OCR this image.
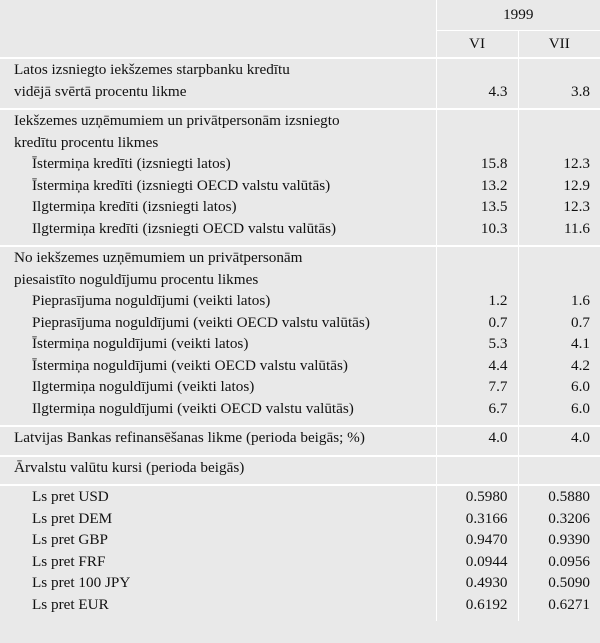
	1999	
	VI	VII
Latos izsniegto iekšzemes starpbanku kredītu		
vidējā svērtā procentu likme	4.3	3.8

Iekšzemes uzņēmumiem un privātpersonām izsniegto		
kredītu procentu likmes		
Īstermiņa kredīti (izsniegti latos)	15.8	12.3
Īstermiņa kredīti (izsniegti OECD valstu valūtās)	13.2	12.9
Ilgtermiņa kredīti (izsniegti latos)	13.5	12.3
Ilgtermiņa kredīti (izsniegti OECD valstu valūtās)	10.3	11.6

No iekšzemes uzņēmumiem un privātpersonām		
piesaistīto noguldījumu procentu likmes		
Pieprasījuma noguldījumi (veikti latos)	1.2	1.6
Pieprasījuma noguldījumi (veikti OECD valstu valūtās)	0.7	0.7
Īstermiņa noguldījumi (veikti latos)	5.3	4.1
Īstermiņa noguldījumi (veikti OECD valstu valūtās)	4.4	4.2
Ilgtermiņa noguldījumi (veikti latos)	7.7	6.0
Ilgtermiņa noguldījumi (veikti OECD valstu valūtās)	6.7	6.0

Latvijas Bankas refinansēšanas likme (perioda beigās; %)	4.0	4.0

Ārvalstu valūtu kursi (perioda beigās)		

Ls pret USD	0.5980	0.5880
Ls pret DEM	0.3166	0.3206
Ls pret GBP	0.9470	0.9390
Ls pret FRF	0.0944	0.0956
Ls pret 100 JPY	0.4930	0.5090
Ls pret EUR	0.6192	0.6271
